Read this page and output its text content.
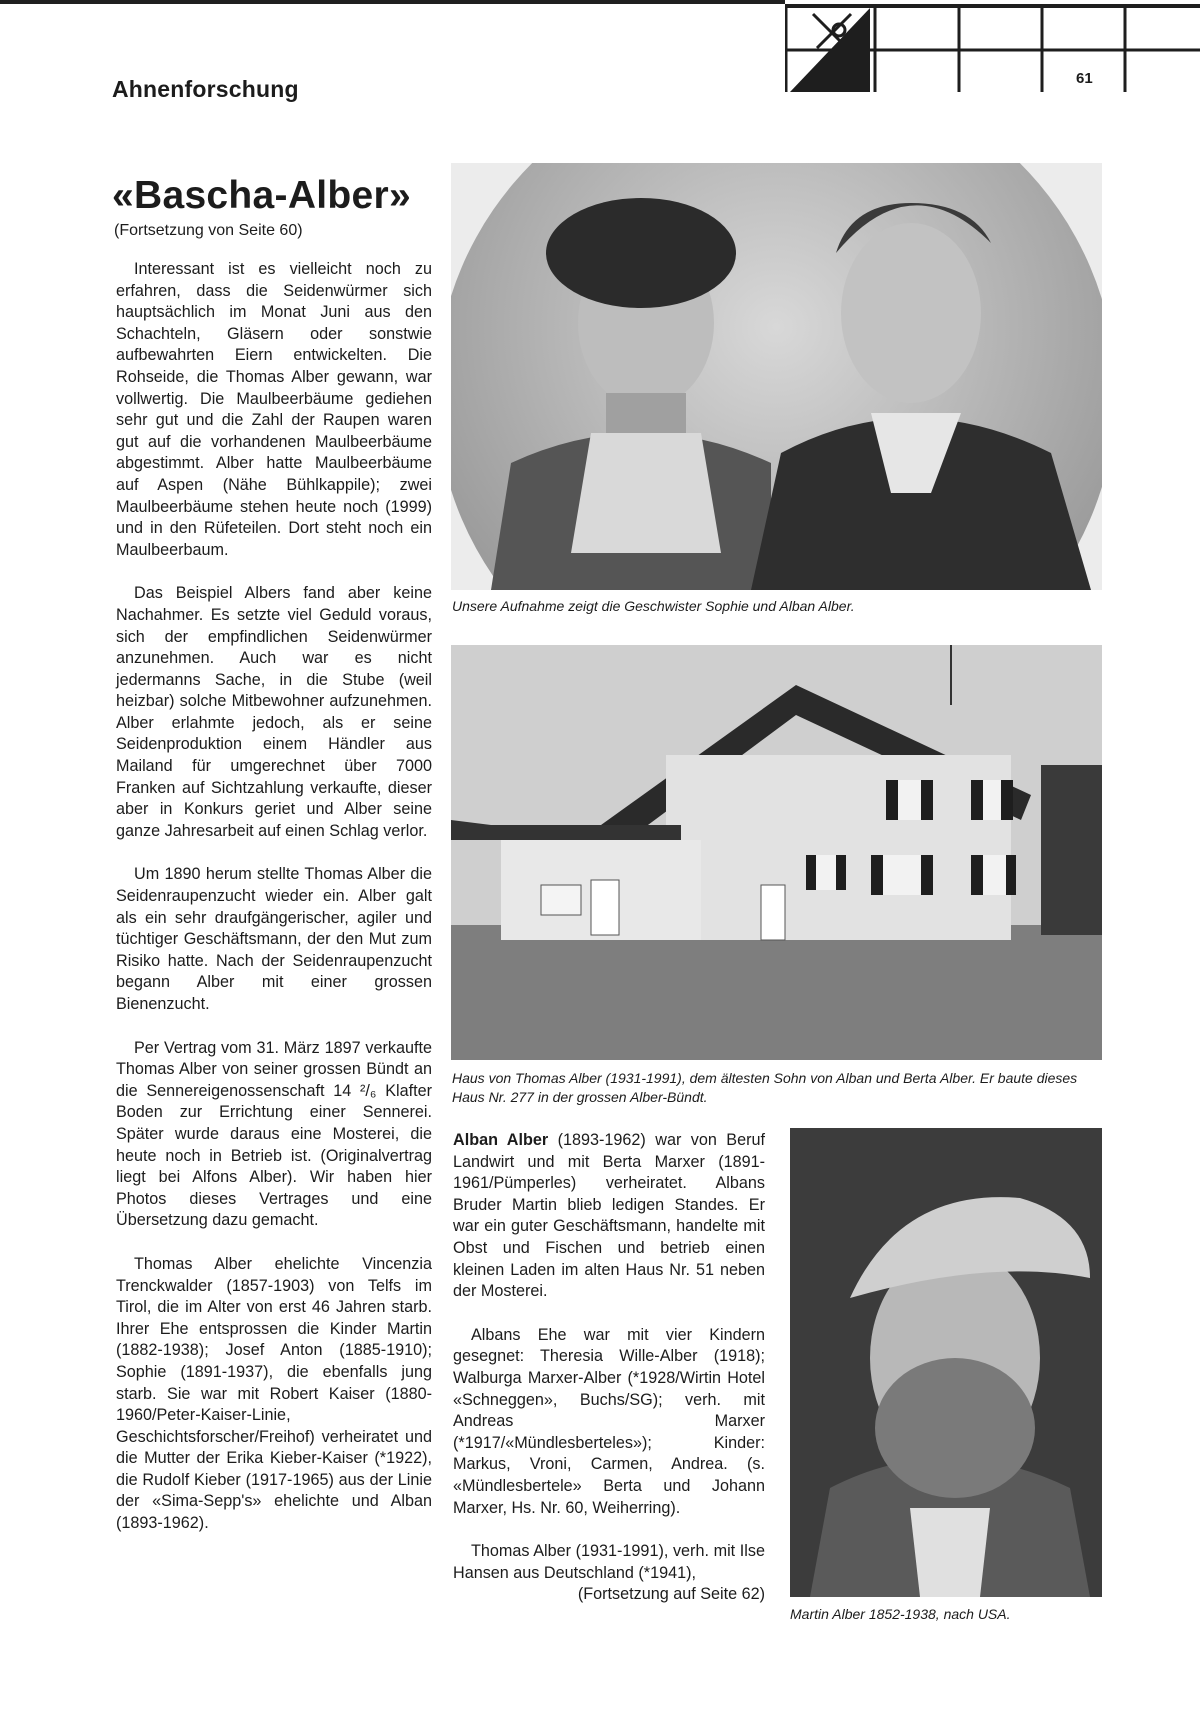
Ahnenforschung	61
«Bascha-Alber»
(Fortsetzung von Seite 60)

Interessant ist es vielleicht noch zu erfahren, dass die Seidenwürmer sich hauptsächlich im Monat Juni aus den Schachteln, Gläsern oder sonstwie aufbewahrten Eiern entwickelten. Die Rohseide, die Thomas Alber gewann, war vollwertig. Die Maulbeerbäume gediehen sehr gut und die Zahl der Raupen waren gut auf die vorhandenen Maulbeerbäume abgestimmt. Alber hatte Maulbeerbäume auf Aspen (Nähe Bühlkappile); zwei Maulbeerbäume stehen heute noch (1999) und in den Rüfeteilen. Dort steht noch ein Maulbeerbaum.

Das Beispiel Albers fand aber keine Nachahmer. Es setzte viel Geduld voraus, sich der empfindlichen Seidenwürmer anzunehmen. Auch war es nicht jedermanns Sache, in die Stube (weil heizbar) solche Mitbewohner aufzunehmen. Alber erlahmte jedoch, als er seine Seidenproduktion einem Händler aus Mailand für umgerechnet über 7000 Franken auf Sichtzahlung verkaufte, dieser aber in Konkurs geriet und Alber seine ganze Jahresarbeit auf einen Schlag verlor.

Um 1890 herum stellte Thomas Alber die Seidenraupenzucht wieder ein. Alber galt als ein sehr draufgängerischer, agiler und tüchtiger Geschäftsmann, der den Mut zum Risiko hatte. Nach der Seidenraupenzucht begann Alber mit einer grossen Bienenzucht.

Per Vertrag vom 31. März 1897 verkaufte Thomas Alber von seiner grossen Bündt an die Sennereigenossenschaft 14 ²/₆ Klafter Boden zur Errichtung einer Sennerei. Später wurde daraus eine Mosterei, die heute noch in Betrieb ist. (Originalvertrag liegt bei Alfons Alber). Wir haben hier Photos dieses Vertrages und eine Übersetzung dazu gemacht.

Thomas Alber ehelichte Vincenzia Trenckwalder (1857-1903) von Telfs im Tirol, die im Alter von erst 46 Jahren starb. Ihrer Ehe entsprossen die Kinder Martin (1882-1938); Josef Anton (1885-1910); Sophie (1891-1937), die ebenfalls jung starb. Sie war mit Robert Kaiser (1880-1960/Peter-Kaiser-Linie, Geschichtsforscher/Freihof) verheiratet und die Mutter der Erika Kieber-Kaiser (*1922), die Rudolf Kieber (1917-1965) aus der Linie der «Sima-Sepp's» ehelichte und Alban (1893-1962).

Unsere Aufnahme zeigt die Geschwister Sophie und Alban Alber.
Haus von Thomas Alber (1931-1991), dem ältesten Sohn von Alban und Berta Alber. Er baute dieses Haus Nr. 277 in der grossen Alber-Bündt.

Alban Alber (1893-1962) war von Beruf Landwirt und mit Berta Marxer (1891-1961/Pümperles) verheiratet. Albans Bruder Martin blieb ledigen Standes. Er war ein guter Geschäftsmann, handelte mit Obst und Fischen und betrieb einen kleinen Laden im alten Haus Nr. 51 neben der Mosterei.

Albans Ehe war mit vier Kindern gesegnet: Theresia Wille-Alber (1918); Walburga Marxer-Alber (*1928/Wirtin Hotel «Schneggen», Buchs/SG); verh. mit Andreas Marxer (*1917/«Mündlesberteles»); Kinder: Markus, Vroni, Carmen, Andrea. (s. «Mündlesbertele» Berta und Johann Marxer, Hs. Nr. 60, Weiherring).

Thomas Alber (1931-1991), verh. mit Ilse Hansen aus Deutschland (*1941),

(Fortsetzung auf Seite 62)

Martin Alber 1852-1938, nach USA.
